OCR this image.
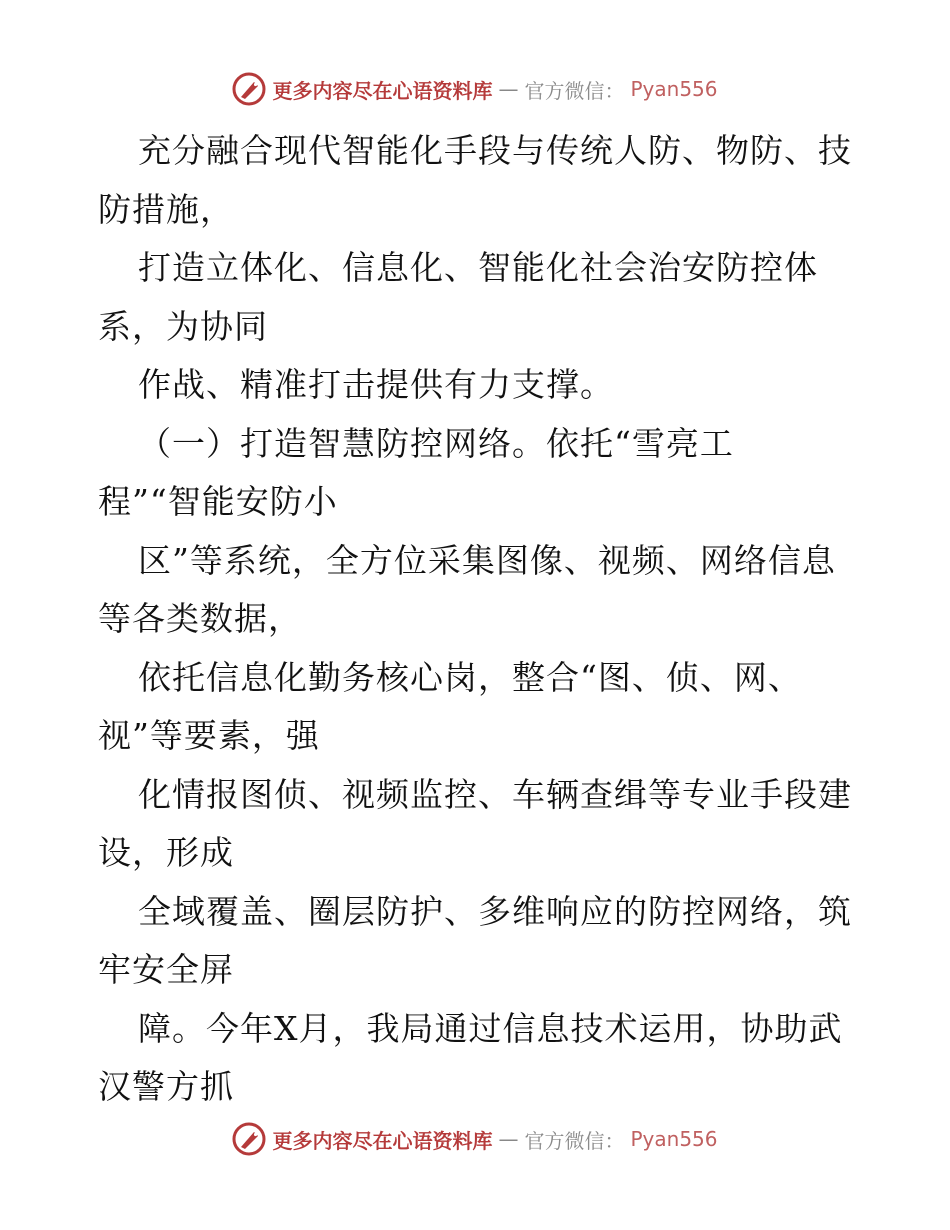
更多内容尽在心语资料库 — 官方微信： Pyan556
充分融合现代智能化手段与传统人防、物防、技
防措施，
打造立体化、信息化、智能化社会治安防控体
系，为协同
作战、精准打击提供有力支撑。
（一）打造智慧防控网络。依托“雪亮工
程”“智能安防小
区”等系统，全方位采集图像、视频、网络信息
等各类数据，
依托信息化勤务核心岗，整合“图、侦、网、
视”等要素，强
化情报图侦、视频监控、车辆查缉等专业手段建
设，形成
全域覆盖、圈层防护、多维响应的防控网络，筑
牢安全屏
障。今年X月，我局通过信息技术运用，协助武
汉警方抓
更多内容尽在心语资料库 — 官方微信： Pyan556
